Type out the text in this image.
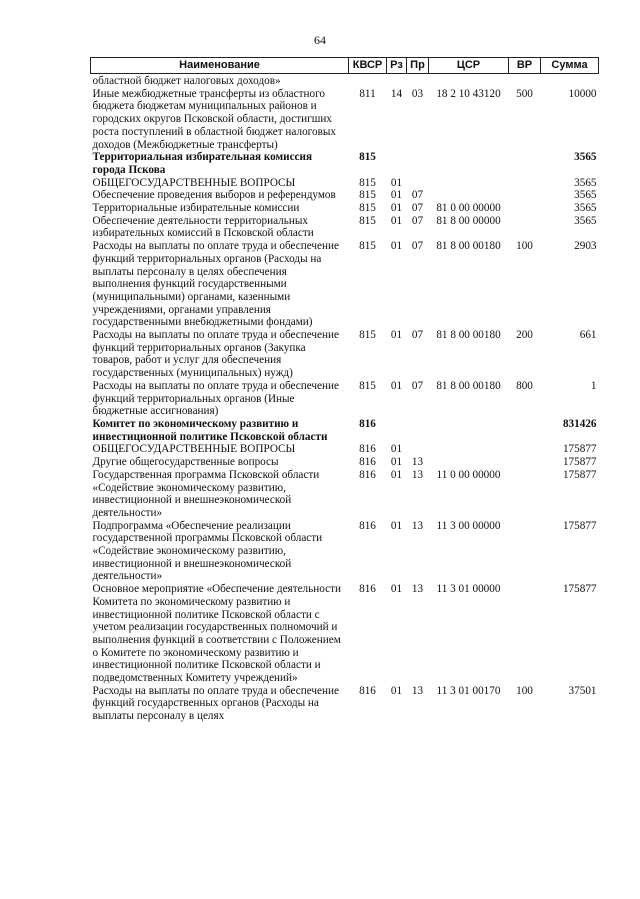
64
Наименование	КВСР	Рз	Пр	ЦСР	ВР	Сумма
областной бюджет налоговых доходов»						
Иные межбюджетные трансферты из областного бюджета бюджетам муниципальных районов и городских округов Псковской области, достигших роста поступлений в областной бюджет налоговых доходов (Межбюджетные трансферты)	811	14	03	18 2 10 43120	500	10000
Территориальная избирательная комиссия города Пскова	815					3565
ОБЩЕГОСУДАРСТВЕННЫЕ ВОПРОСЫ	815	01				3565
Обеспечение проведения выборов и референдумов	815	01	07			3565
Территориальные избирательные комиссии	815	01	07	81 0 00 00000		3565
Обеспечение деятельности территориальных избирательных комиссий в Псковской области	815	01	07	81 8 00 00000		3565
Расходы на выплаты по оплате труда и обеспечение функций территориальных органов (Расходы на выплаты персоналу в целях обеспечения выполнения функций государственными (муниципальными) органами, казенными учреждениями, органами управления государственными внебюджетными фондами)	815	01	07	81 8 00 00180	100	2903
Расходы на выплаты по оплате труда и обеспечение функций территориальных органов (Закупка товаров, работ и услуг для обеспечения государственных (муниципальных) нужд)	815	01	07	81 8 00 00180	200	661
Расходы на выплаты по оплате труда и обеспечение функций территориальных органов (Иные бюджетные ассигнования)	815	01	07	81 8 00 00180	800	1
Комитет по экономическому развитию и инвестиционной политике Псковской области	816					831426
ОБЩЕГОСУДАРСТВЕННЫЕ ВОПРОСЫ	816	01				175877
Другие общегосударственные вопросы	816	01	13			175877
Государственная программа Псковской области «Содействие экономическому развитию, инвестиционной и внешнеэкономической деятельности»	816	01	13	11 0 00 00000		175877
Подпрограмма «Обеспечение реализации государственной программы Псковской области «Содействие экономическому развитию, инвестиционной и внешнеэкономической деятельности»	816	01	13	11 3 00 00000		175877
Основное мероприятие «Обеспечение деятельности Комитета по экономическому развитию и инвестиционной политике Псковской области с учетом реализации государственных полномочий и выполнения функций в соответствии с Положением о Комитете по экономическому развитию и инвестиционной политике Псковской области и подведомственных Комитету учреждений»	816	01	13	11 3 01 00000		175877
Расходы на выплаты по оплате труда и обеспечение функций государственных органов (Расходы на выплаты персоналу в целях	816	01	13	11 3 01 00170	100	37501
